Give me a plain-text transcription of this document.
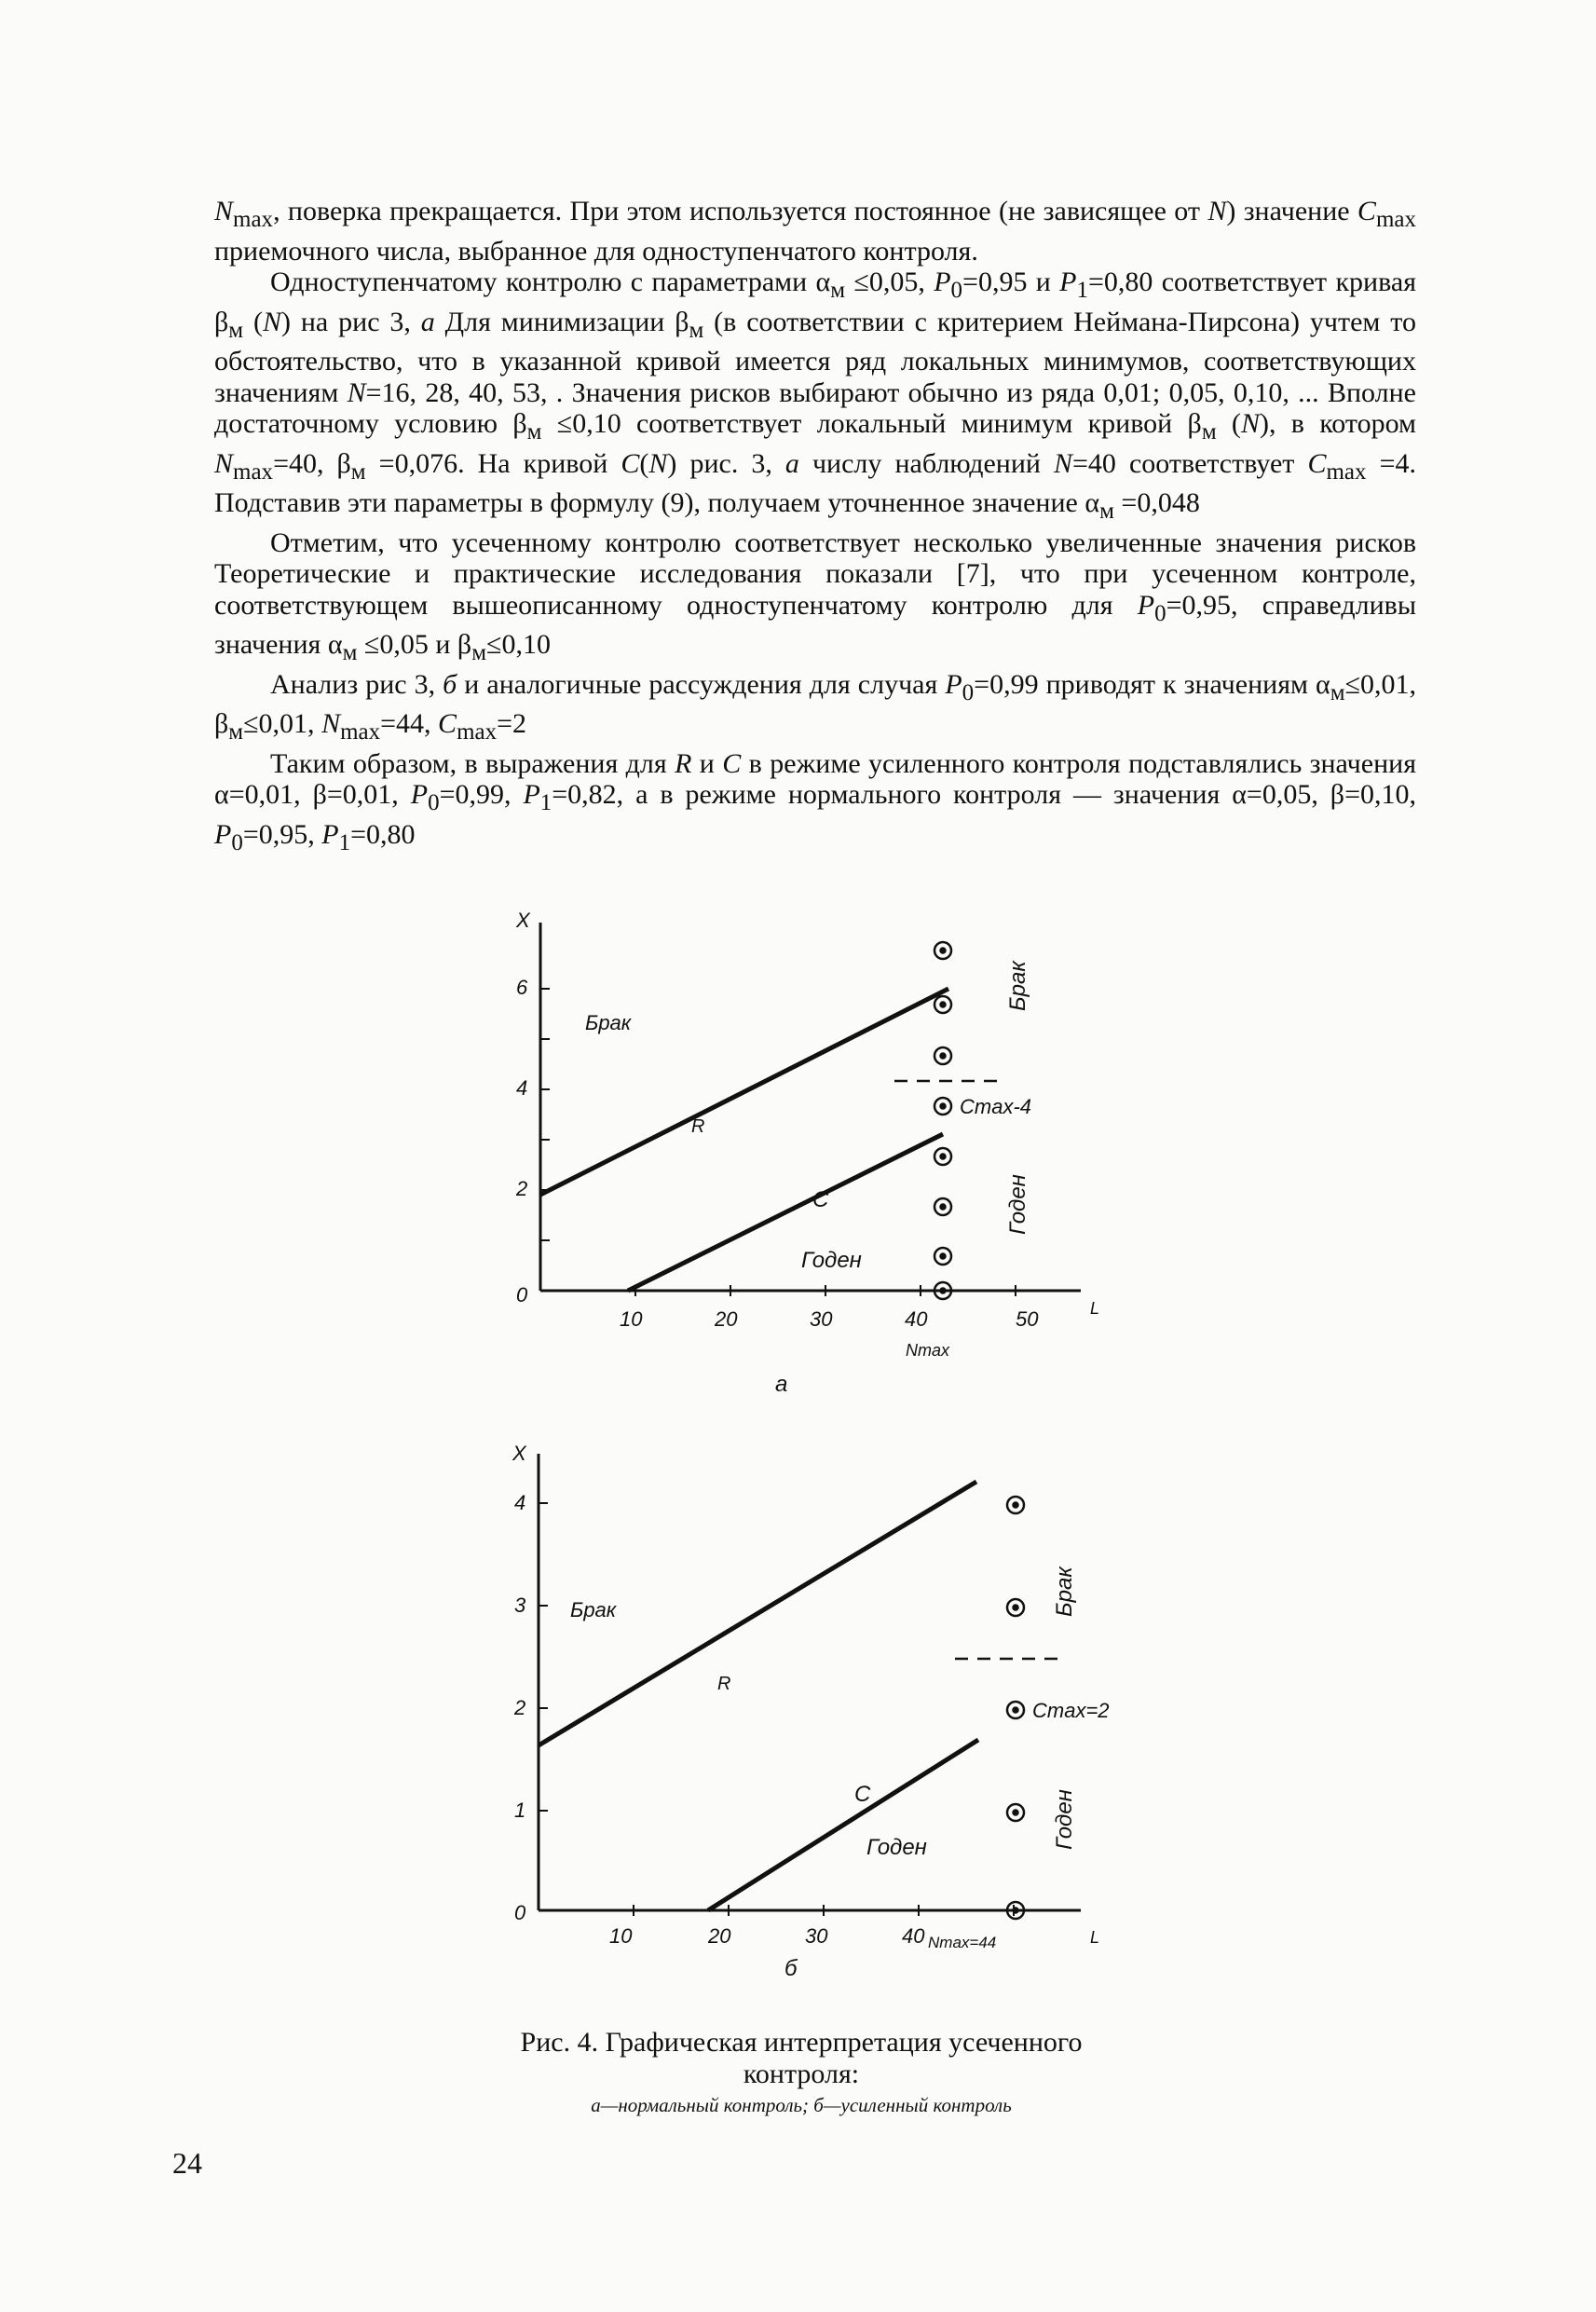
$N_{max}$, поверка прекращается. При этом используется постоянное (не зависящее от N) значение $C_{max}$ приемочного числа, выбранное для одноступенчатого контроля.

Одноступенчатому контролю с параметрами $\alpha_м \le 0,05$, $P_0=0,95$ и $P_1=0,80$ соответствует кривая $\beta_м$ (N) на рис 3, а Для минимизации $\beta_м$ (в соответствии с критерием Неймана-Пирсона) учтем то обстоятельство, что в указанной кривой имеется ряд локальных минимумов, соответствующих значениям N=16, 28, 40, 53, . Значения рисков выбирают обычно из ряда 0,01; 0,05, 0,10, ... Вполне достаточному условию $\beta_м \le 0,10$ соответствует локальный минимум кривой $\beta_м$ (N), в котором $N_{max}=40$, $\beta_м =0,076$. На кривой C(N) рис. 3, а числу наблюдений N=40 соответствует $C_{max} =4$. Подставив эти параметры в формулу (9), получаем уточненное значение $\alpha_м =0,048$

Отметим, что усеченному контролю соответствует несколько увеличенные значения рисков Теоретические и практические исследования показали [7], что при усеченном контроле, соответствующем вышеописанному одноступенчатому контролю для $P_0=0,95$, справедливы значения $\alpha_м \le 0,05$ и $\beta_м\le 0,10$

Анализ рис 3, б и аналогичные рассуждения для случая $P_0=0,99$ приводят к значениям $\alpha_м\le 0,01$, $\beta_м\le 0,01$, $N_{max}=44$, $C_{max}=2$

Таким образом, в выражения для R и C в режиме усиленного контроля подставлялись значения α=0,01, β=0,01, $P_0=0,99$, $P_1=0,82$, а в режиме нормального контроля — значения α=0,05, β=0,10, $P_0=0,95$, $P_1=0,80$

X
L
0
2
4
6
10	20	30	40	50
Nmax
R
C
Брак
Годен
Cmax-4
Брак
Годен
а
X
L
0
1
2
3
4
10	20	30	40 Nmax=44
R
C
Брак
Годен
Cmax=2
Брак
Годен
б
Рис. 4. Графическая интерпретация усеченного контроля:
а—нормальный контроль; б—усиленный контроль
24
